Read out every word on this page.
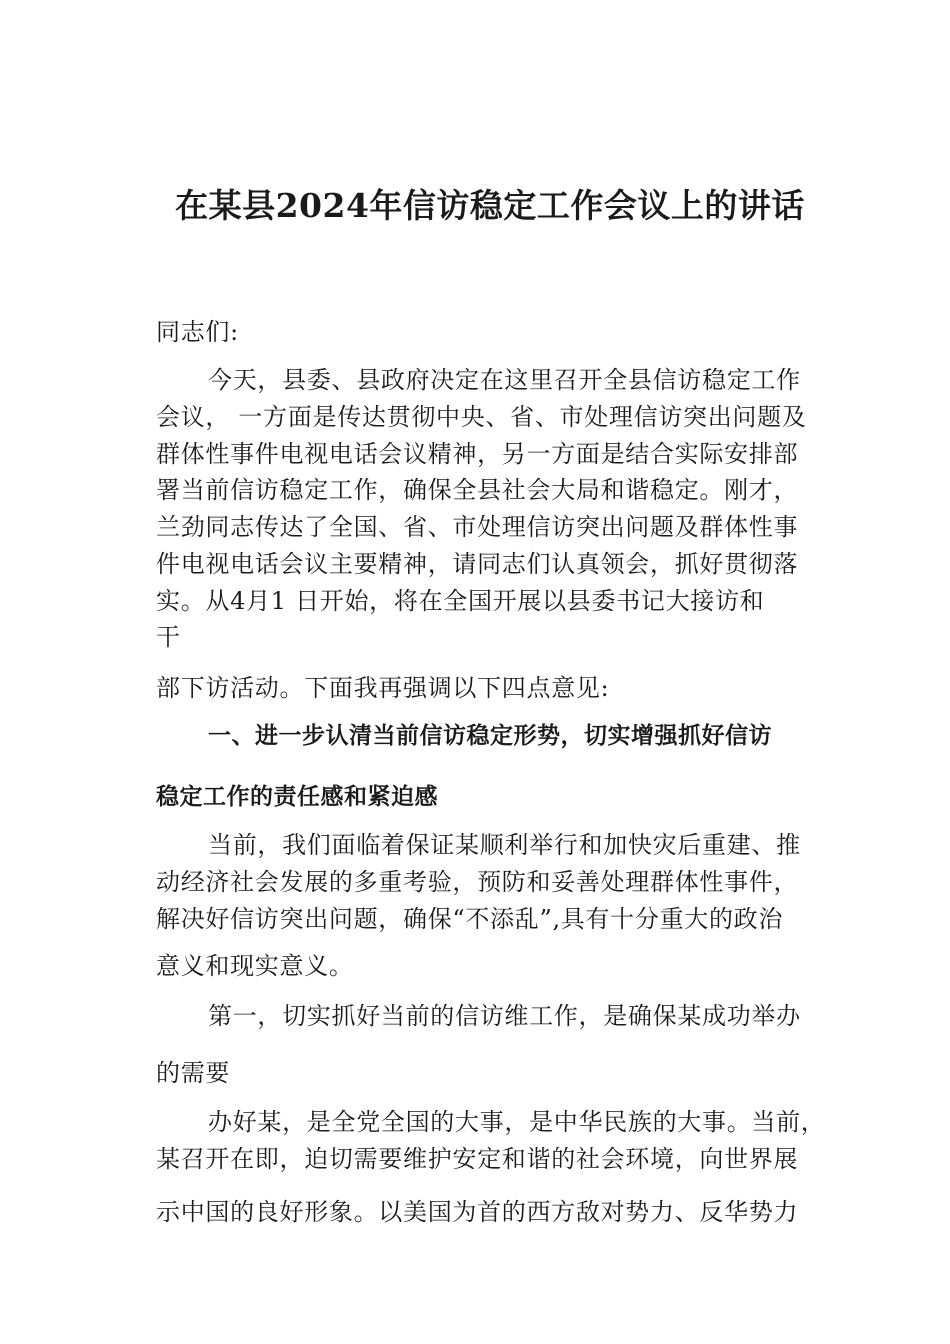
在某县2024年信访稳定工作会议上的讲话
同志们:
今天，县委、县政府决定在这里召开全县信访稳定工作
会议， 一方面是传达贯彻中央、省、市处理信访突出问题及
群体性事件电视电话会议精神，另一方面是结合实际安排部
署当前信访稳定工作，确保全县社会大局和谐稳定。刚才，
兰劲同志传达了全国、省、市处理信访突出问题及群体性事
件电视电话会议主要精神，请同志们认真领会，抓好贯彻落
实。从4月1 日开始，将在全国开展以县委书记大接访和
干
部下访活动。下面我再强调以下四点意见:
一、进一步认清当前信访稳定形势，切实增强抓好信访
稳定工作的责任感和紧迫感
当前，我们面临着保证某顺利举行和加快灾后重建、推
动经济社会发展的多重考验，预防和妥善处理群体性事件，
解决好信访突出问题，确保“不添乱”,具有十分重大的政治
意义和现实意义。
第一，切实抓好当前的信访维工作，是确保某成功举办
的需要
办好某，是全党全国的大事，是中华民族的大事。当前，
某召开在即，迫切需要维护安定和谐的社会环境，向世界展
示中国的良好形象。以美国为首的西方敌对势力、反华势力
